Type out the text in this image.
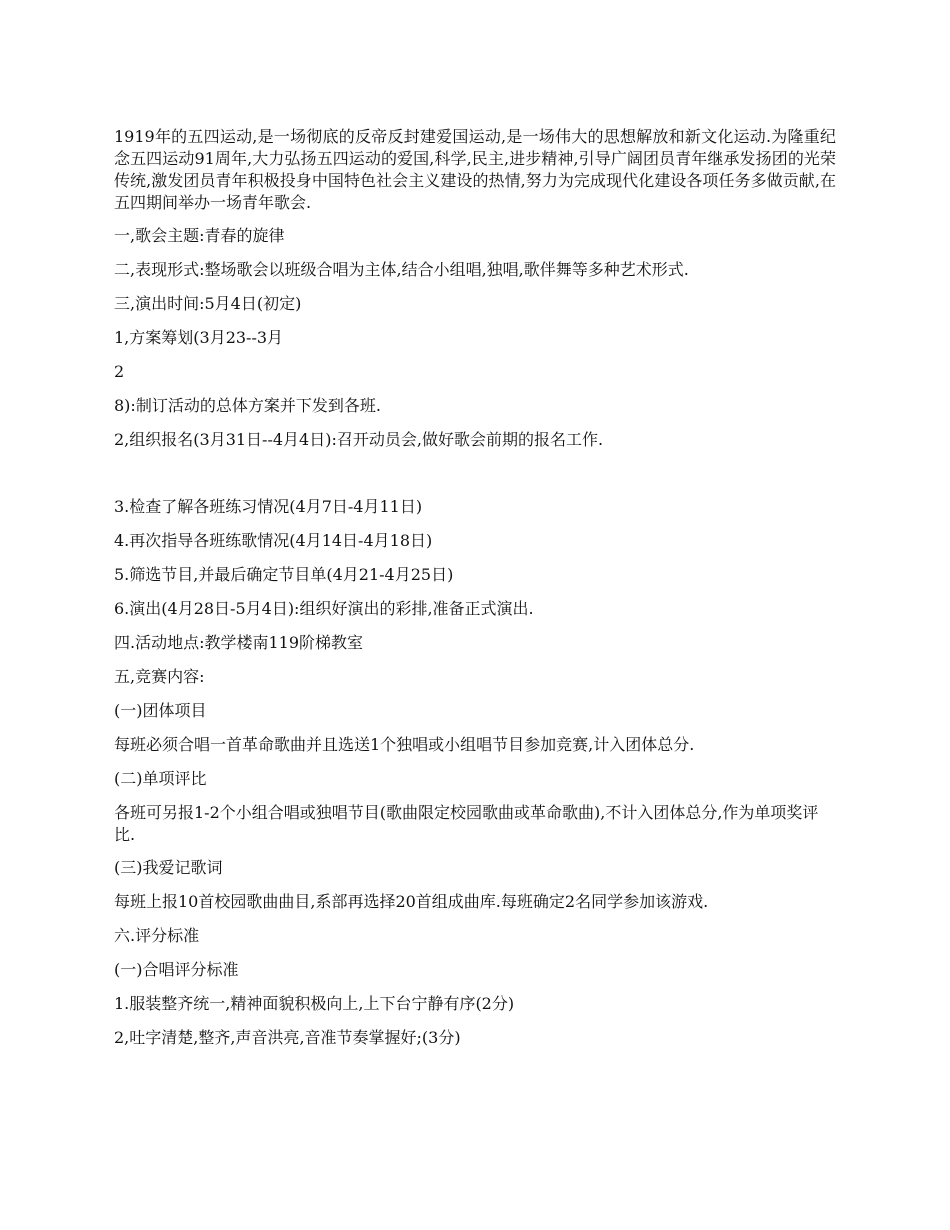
1919年的五四运动,是一场彻底的反帝反封建爱国运动,是一场伟大的思想解放和新文化运动.为隆重纪念五四运动91周年,大力弘扬五四运动的爱国,科学,民主,进步精神,引导广阔团员青年继承发扬团的光荣传统,激发团员青年积极投身中国特色社会主义建设的热情,努力为完成现代化建设各项任务多做贡献,在五四期间举办一场青年歌会.

一,歌会主题:青春的旋律

二,表现形式:整场歌会以班级合唱为主体,结合小组唱,独唱,歌伴舞等多种艺术形式.

三,演出时间:5月4日(初定)

1,方案筹划(3月23--3月

2

8):制订活动的总体方案并下发到各班.

2,组织报名(3月31日--4月4日):召开动员会,做好歌会前期的报名工作.

3.检查了解各班练习情况(4月7日-4月11日)

4.再次指导各班练歌情况(4月14日-4月18日)

5.筛选节目,并最后确定节目单(4月21-4月25日)

6.演出(4月28日-5月4日):组织好演出的彩排,准备正式演出.

四.活动地点:教学楼南119阶梯教室

五,竞赛内容:

(一)团体项目

每班必须合唱一首革命歌曲并且选送1个独唱或小组唱节目参加竞赛,计入团体总分.

(二)单项评比

各班可另报1-2个小组合唱或独唱节目(歌曲限定校园歌曲或革命歌曲),不计入团体总分,作为单项奖评比.

(三)我爱记歌词

每班上报10首校园歌曲曲目,系部再选择20首组成曲库.每班确定2名同学参加该游戏.

六.评分标准

(一)合唱评分标准

1.服装整齐统一,精神面貌积极向上,上下台宁静有序(2分)

2,吐字清楚,整齐,声音洪亮,音准节奏掌握好;(3分)
